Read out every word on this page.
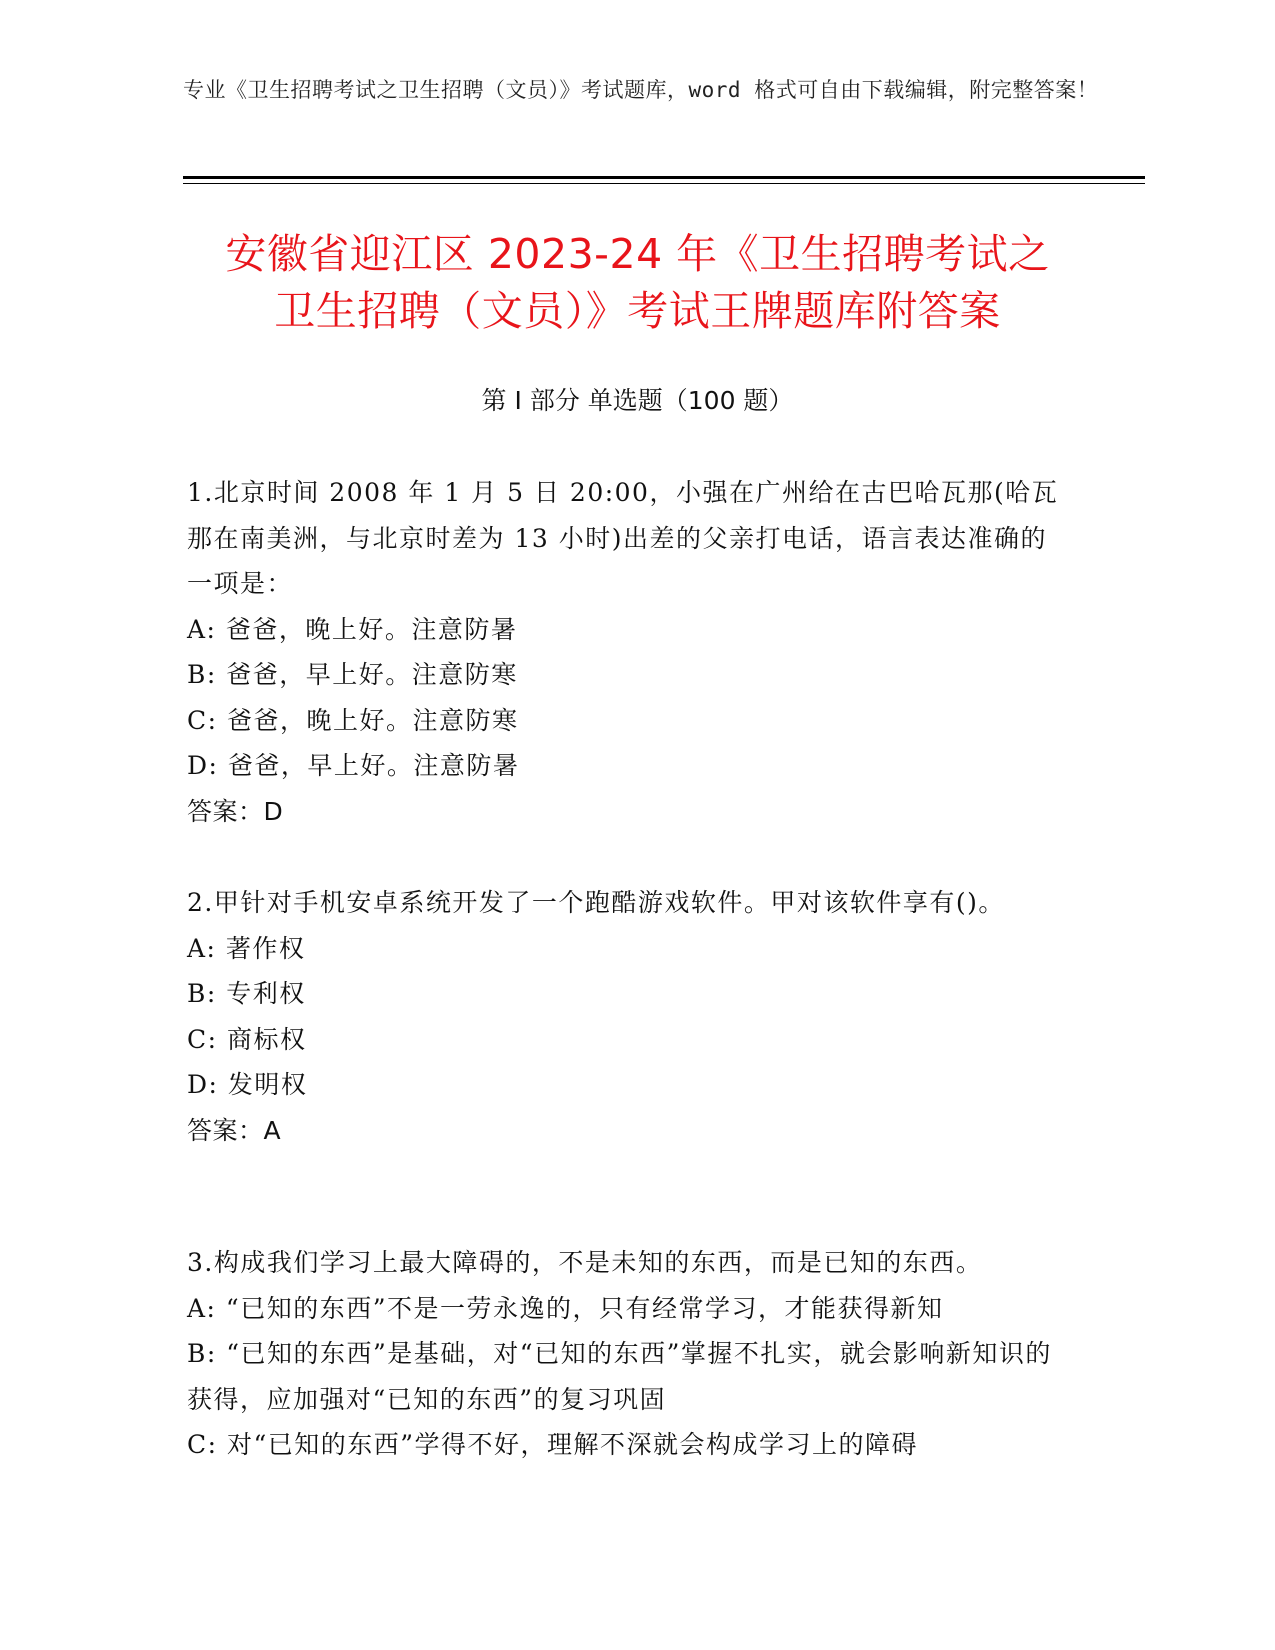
专业《卫生招聘考试之卫生招聘（文员）》考试题库，word 格式可自由下载编辑，附完整答案！
安徽省迎江区 2023-24 年《卫生招聘考试之
卫生招聘（文员）》考试王牌题库附答案
第 I 部分 单选题（100 题）
1.北京时间 2008 年 1 月 5 日 20:00，小强在广州给在古巴哈瓦那(哈瓦那在南美洲，与北京时差为 13 小时)出差的父亲打电话，语言表达准确的一项是：
A: 爸爸，晚上好。注意防暑
B: 爸爸，早上好。注意防寒
C: 爸爸，晚上好。注意防寒
D: 爸爸，早上好。注意防暑
答案：D
2.甲针对手机安卓系统开发了一个跑酷游戏软件。甲对该软件享有()。
A: 著作权
B: 专利权
C: 商标权
D: 发明权
答案：A
3.构成我们学习上最大障碍的，不是未知的东西，而是已知的东西。
A: “已知的东西”不是一劳永逸的，只有经常学习，才能获得新知
B: “已知的东西”是基础，对“已知的东西”掌握不扎实，就会影响新知识的获得，应加强对“已知的东西”的复习巩固
C: 对“已知的东西”学得不好，理解不深就会构成学习上的障碍
